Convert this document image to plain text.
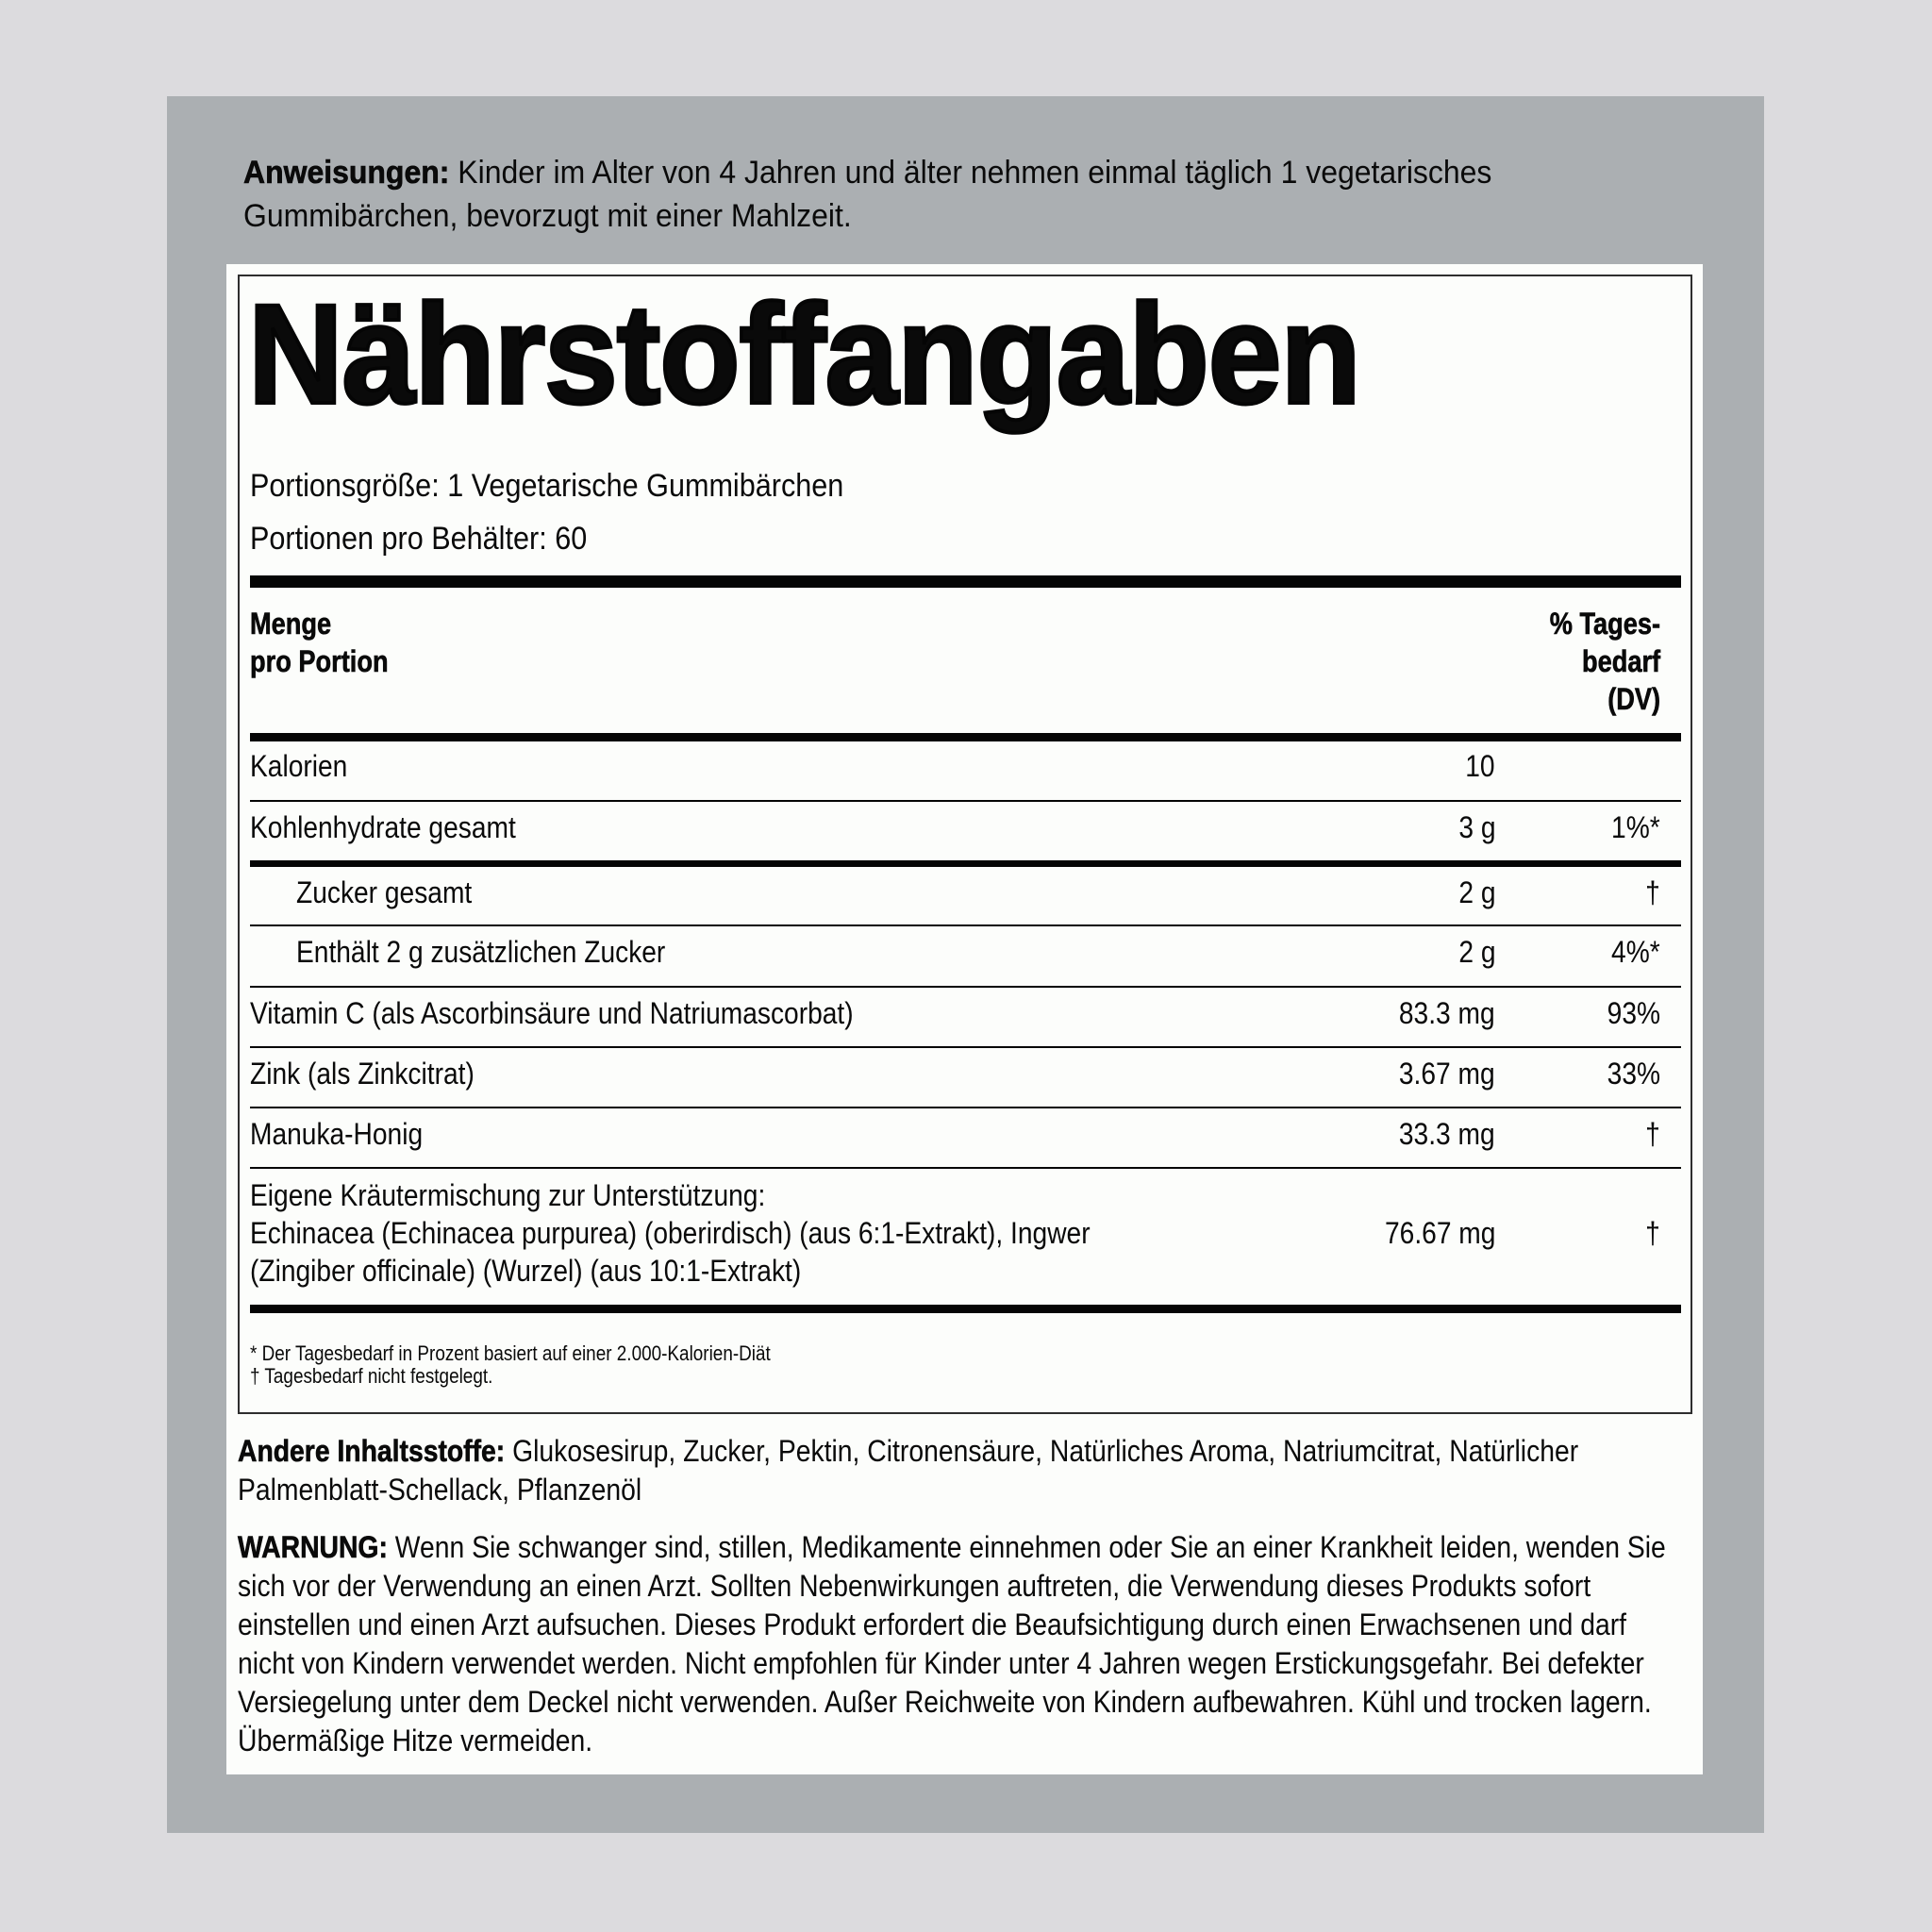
Anweisungen: Kinder im Alter von 4 Jahren und älter nehmen einmal täglich 1 vegetarisches
Gummibärchen, bevorzugt mit einer Mahlzeit.
Nährstoffangaben
Portionsgröße: 1 Vegetarische Gummibärchen
Portionen pro Behälter: 60
Menge
pro Portion
% Tages-
bedarf
(DV)
Kalorien	10
Kohlenhydrate gesamt	3 g	1%*
Zucker gesamt	2 g	†
Enthält 2 g zusätzlichen Zucker	2 g	4%*
Vitamin C (als Ascorbinsäure und Natriumascorbat)	83.3 mg	93%
Zink (als Zinkcitrat)	3.67 mg	33%
Manuka-Honig	33.3 mg	†
Eigene Kräutermischung zur Unterstützung:
Echinacea (Echinacea purpurea) (oberirdisch) (aus 6:1-Extrakt), Ingwer
(Zingiber officinale) (Wurzel) (aus 10:1-Extrakt)
76.67 mg	†
* Der Tagesbedarf in Prozent basiert auf einer 2.000-Kalorien-Diät
† Tagesbedarf nicht festgelegt.
Andere Inhaltsstoffe: Glukosesirup, Zucker, Pektin, Citronensäure, Natürliches Aroma, Natriumcitrat, Natürlicher
Palmenblatt-Schellack, Pflanzenöl
WARNUNG: Wenn Sie schwanger sind, stillen, Medikamente einnehmen oder Sie an einer Krankheit leiden, wenden Sie
sich vor der Verwendung an einen Arzt. Sollten Nebenwirkungen auftreten, die Verwendung dieses Produkts sofort
einstellen und einen Arzt aufsuchen. Dieses Produkt erfordert die Beaufsichtigung durch einen Erwachsenen und darf
nicht von Kindern verwendet werden. Nicht empfohlen für Kinder unter 4 Jahren wegen Erstickungsgefahr. Bei defekter
Versiegelung unter dem Deckel nicht verwenden. Außer Reichweite von Kindern aufbewahren. Kühl und trocken lagern.
Übermäßige Hitze vermeiden.
